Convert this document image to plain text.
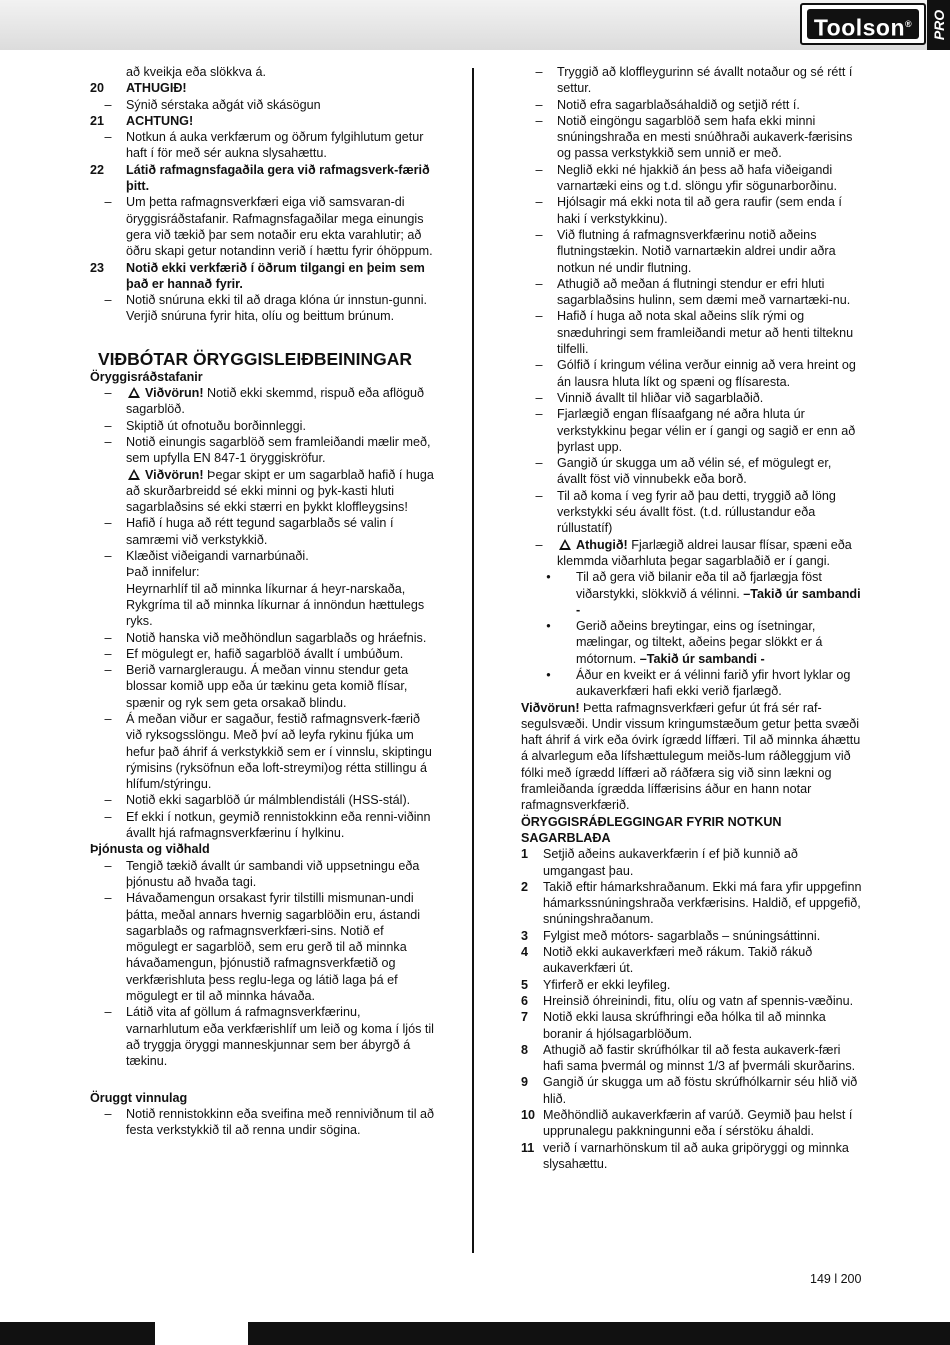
Toolson®	PRO
að kveikja eða slökkva á.
20	ATHUGIÐ!
–	Sýnið sérstaka aðgát við skásögun
21	ACHTUNG!
–	Notkun á auka verkfærum og öðrum fylgihlutum getur haft í för með sér aukna slysahættu.
22	Látið rafmagnsfagaðila gera við rafmagsverk-færið þitt.
–	Um þetta rafmagnsverkfæri eiga við samsvaran-di öryggisráðstafanir. Rafmagnsfagaðilar mega einungis gera við tækið þar sem notaðir eru ekta varahlutir; að öðru skapi getur notandinn verið í hættu fyrir óhöppum.
23	Notið ekki verkfærið í öðrum tilgangi en þeim sem það er hannað fyrir.
–	Notið snúruna ekki til að draga klóna úr innstun-gunni. Verjið snúruna fyrir hita, olíu og beittum brúnum.
VIÐBÓTAR ÖRYGGISLEIÐBEININGAR
Öryggisráðstafanir
–	Viðvörun! Notið ekki skemmd, rispuð eða aflöguð sagarblöð.
–	Skiptið út ofnotuðu borðinnleggi.
–	Notið einungis sagarblöð sem framleiðandi mælir með, sem upfylla EN 847-1 öryggiskröfur.
Viðvörun! Þegar skipt er um sagarblað hafið í huga að skurðarbreidd sé ekki minni og þyk-kasti hluti sagarblaðsins sé ekki stærri en þykkt kloffleygsins!
–	Hafið í huga að rétt tegund sagarblaðs sé valin í samræmi við verkstykkið.
–	Klæðist viðeigandi varnarbúnaði.
Það innifelur:
Heyrnarhlíf til að minnka líkurnar á heyr-narskaða,
Rykgríma til að minnka líkurnar á innöndun hættulegs ryks.
–	Notið hanska við meðhöndlun sagarblaðs og hráefnis.
–	Ef mögulegt er, hafið sagarblöð ávallt í umbúðum.
–	Berið varnargleraugu. Á meðan vinnu stendur geta blossar komið upp eða úr tækinu geta komið flísar, spænir og ryk sem geta orsakað blindu.
–	Á meðan viður er sagaður, festið rafmagnsverk-færið við ryksogsslöngu. Með því að leyfa rykinu fjúka um hefur það áhrif á verkstykkið sem er í vinnslu, skiptingu rýmisins (ryksöfnun eða loft-streymi)og rétta stillingu á hlífum/stýringu.
–	Notið ekki sagarblöð úr málmblendistáli (HSS-stál).
–	Ef ekki í notkun, geymið rennistokkinn eða renni-viðinn ávallt hjá rafmagnsverkfærinu í hylkinu.
Þjónusta og viðhald
–	Tengið tækið ávallt úr sambandi við uppsetningu eða þjónustu að hvaða tagi.
–	Hávaðamengun orsakast fyrir tilstilli mismunan-undi þátta, meðal annars hvernig sagarblöðin eru, ástandi sagarblaðs og rafmagnsverkfæri-sins. Notið ef mögulegt er sagarblöð, sem eru gerð til að minnka hávaðamengun, þjónustið rafmagnsverkfætið og verkfærishluta þess reglu-lega og látið laga þá ef mögulegt er til að minnka hávaða.
–	Látið vita af göllum á rafmagnsverkfærinu, varnarhlutum eða verkfærishlíf um leið og koma í ljós til að tryggja öryggi manneskjunnar sem ber ábyrgð á tækinu.
Öruggt vinnulag
–	Notið rennistokkinn eða sveifina með renniviðnum til að festa verkstykkið til að renna undir sögina.
–	Tryggið að kloffleygurinn sé ávallt notaður og sé rétt í settur.
–	Notið efra sagarblaðsáhaldið og setjið rétt í.
–	Notið eingöngu sagarblöð sem hafa ekki minni snúningshraða en mesti snúðhraði aukaverk-færisins og passa verkstykkið sem unnið er með.
–	Neglið ekki né hjakkið án þess að hafa viðeigandi varnartæki eins og t.d. slöngu yfir sögunarborðinu.
–	Hjólsagir má ekki nota til að gera raufir (sem enda í haki í verkstykkinu).
–	Við flutning á rafmagnsverkfærinu notið aðeins flutningstækin. Notið varnartækin aldrei undir aðra notkun né undir flutning.
–	Athugið að meðan á flutningi stendur er efri hluti sagarblaðsins hulinn, sem dæmi með varnartæki-nu.
–	Hafið í huga að nota skal aðeins slík rými og snæduhringi sem framleiðandi metur að henti tilteknu tilfelli.
–	Gólfið í kringum vélina verður einnig að vera hreint og án lausra hluta líkt og spæni og flísaresta.
–	Vinnið ávallt til hliðar við sagarblaðið.
–	Fjarlægið engan flísaafgang né aðra hluta úr verkstykkinu þegar vélin er í gangi og sagið er enn að þyrlast upp.
–	Gangið úr skugga um að vélin sé, ef mögulegt er, ávallt föst við vinnubekk eða borð.
–	Til að koma í veg fyrir að þau detti, tryggið að löng verkstykki séu ávallt föst. (t.d. rúllustandur eða rúllustatíf)
–	Athugið! Fjarlægið aldrei lausar flísar, spæni eða klemmda viðarhluta þegar sagarblaðið er í gangi.
•	Til að gera við bilanir eða til að fjarlægja föst viðarstykki, slökkvið á vélinni. –Takið úr sambandi -
•	Gerið aðeins breytingar, eins og ísetningar, mælingar, og tiltekt, aðeins þegar slökkt er á mótornum. –Takið úr sambandi -
•	Áður en kveikt er á vélinni farið yfir hvort lyklar og aukaverkfæri hafi ekki verið fjarlægð.
Viðvörun! Þetta rafmagnsverkfæri gefur út frá sér raf-segulsvæði. Undir vissum kringumstæðum getur þetta svæði haft áhrif á virk eða óvirk ígrædd líffæri. Til að minnka áhættu á alvarlegum eða lífshættulegum meiðs-lum ráðleggjum við fólki með ígrædd líffæri að ráðfæra sig við sinn lækni og framleiðanda ígrædda líffærisins áður en hann notar rafmagnsverkfærið.
ÖRYGGISRÁÐLEGGINGAR FYRIR NOTKUN SAGARBLAÐA
1	Setjið aðeins aukaverkfærin í ef þið kunnið að umgangast þau.
2	Takið eftir hámarkshraðanum. Ekki má fara yfir uppgefinn hámarkssnúningshraða verkfærisins. Haldið, ef uppgefið, snúningshraðanum.
3	Fylgist með mótors- sagarblaðs – snúningsáttinni.
4	Notið ekki aukaverkfæri með rákum. Takið rákuð aukaverkfæri út.
5	Yfirferð er ekki leyfileg.
6	Hreinsið óhreinindi, fitu, olíu og vatn af spennis-væðinu.
7	Notið ekki lausa skrúfhringi eða hólka til að minnka boranir á hjólsagarblöðum.
8	Athugið að fastir skrúfhólkar til að festa aukaverk-færi hafi sama þvermál og minnst 1/3 af þvermáli skurðarins.
9	Gangið úr skugga um að föstu skrúfhólkarnir séu hlið við hlið.
10 Meðhöndlið aukaverkfærin af varúð. Geymið þau helst í upprunalegu pakkningunni eða í sérstöku áhaldi.
11 verið í varnarhönskum til að auka gripöryggi og minnka slysahættu.
149 l 200
